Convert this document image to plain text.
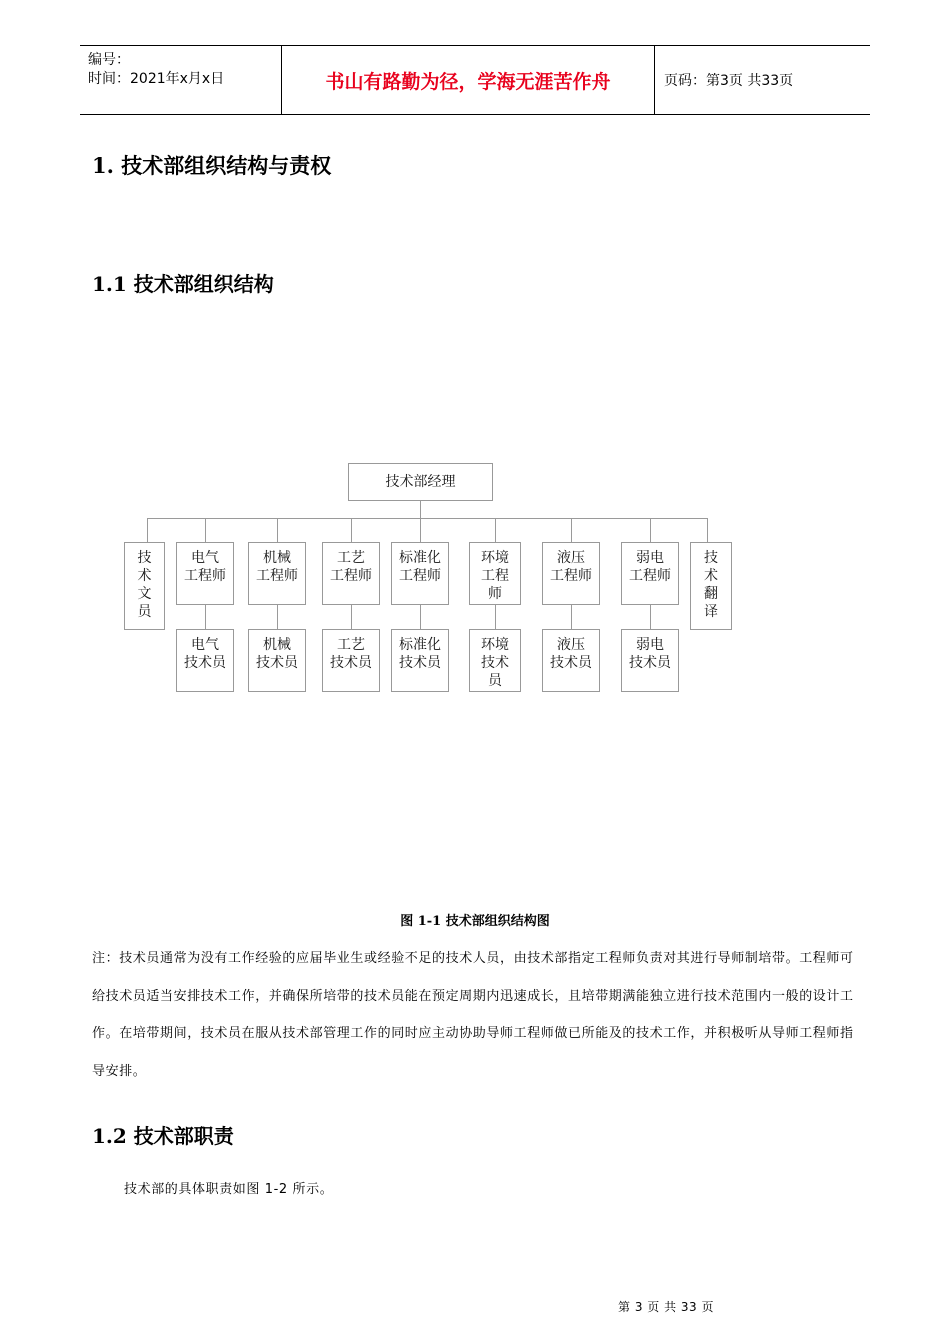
编号：
时间：2021年x月x日	书山有路勤为径，学海无涯苦作舟	页码：第3页 共33页
1. 技术部组织结构与责权
1.1 技术部组织结构
技术部经理
技
术
文
员
电气
工程师
机械
工程师
工艺
工程师
标准化
工程师
环境
工程
师
液压
工程师
弱电
工程师
技
术
翻
译
电气
技术员
机械
技术员
工艺
技术员
标准化
技术员
环境
技术
员
液压
技术员
弱电
技术员
图 1-1 技术部组织结构图
注：技术员通常为没有工作经验的应届毕业生或经验不足的技术人员，由技术部指定工程师负责对其进行导师制培带。工程师可给技术员适当安排技术工作，并确保所培带的技术员能在预定周期内迅速成长，且培带期满能独立进行技术范围内一般的设计工作。在培带期间，技术员在服从技术部管理工作的同时应主动协助导师工程师做已所能及的技术工作，并积极听从导师工程师指导安排。
1.2 技术部职责
技术部的具体职责如图 1-2 所示。
第 3 页 共 33 页
